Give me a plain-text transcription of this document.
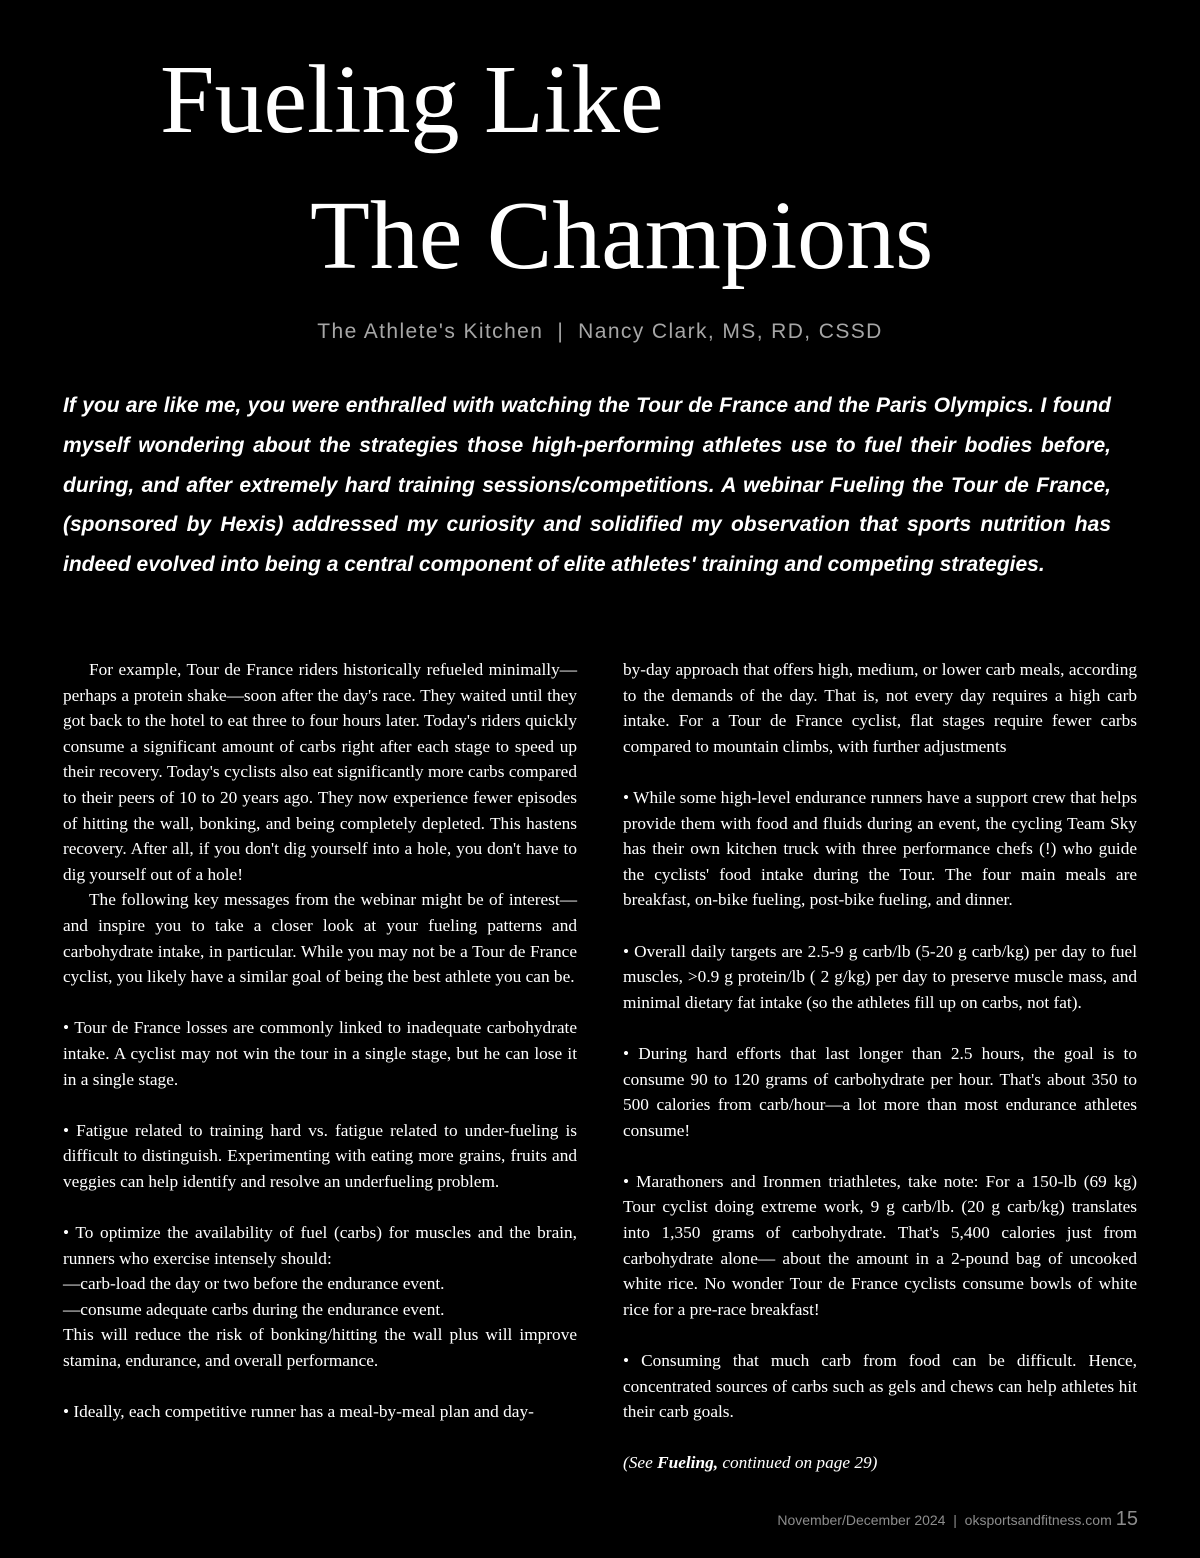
Fueling Like
The Champions
The Athlete's Kitchen | Nancy Clark, MS, RD, CSSD

If you are like me, you were enthralled with watching the Tour de France and the Paris Olympics. I found myself wondering about the strategies those high-performing athletes use to fuel their bodies before, during, and after extremely hard training sessions/competitions. A webinar Fueling the Tour de France, (sponsored by Hexis) addressed my curiosity and solidified my observation that sports nutrition has indeed evolved into being a central component of elite athletes' training and competing strategies.

For example, Tour de France riders historically refueled minimally—perhaps a protein shake—soon after the day's race. They waited until they got back to the hotel to eat three to four hours later. Today's riders quickly consume a significant amount of carbs right after each stage to speed up their recovery. Today's cyclists also eat significantly more carbs compared to their peers of 10 to 20 years ago. They now experience fewer episodes of hitting the wall, bonking, and being completely depleted. This hastens recovery. After all, if you don't dig yourself into a hole, you don't have to dig yourself out of a hole!

The following key messages from the webinar might be of interest—and inspire you to take a closer look at your fueling patterns and carbohydrate intake, in particular. While you may not be a Tour de France cyclist, you likely have a similar goal of being the best athlete you can be.

• Tour de France losses are commonly linked to inadequate carbohydrate intake. A cyclist may not win the tour in a single stage, but he can lose it in a single stage.

• Fatigue related to training hard vs. fatigue related to under-fueling is difficult to distinguish. Experimenting with eating more grains, fruits and veggies can help identify and resolve an underfueling problem.

• To optimize the availability of fuel (carbs) for muscles and the brain, runners who exercise intensely should:

—carb-load the day or two before the endurance event.

—consume adequate carbs during the endurance event.

This will reduce the risk of bonking/hitting the wall plus will improve stamina, endurance, and overall performance.

• Ideally, each competitive runner has a meal-by-meal plan and day-

by-day approach that offers high, medium, or lower carb meals, according to the demands of the day. That is, not every day requires a high carb intake. For a Tour de France cyclist, flat stages require fewer carbs compared to mountain climbs, with further adjustments

• While some high-level endurance runners have a support crew that helps provide them with food and fluids during an event, the cycling Team Sky has their own kitchen truck with three performance chefs (!) who guide the cyclists' food intake during the Tour. The four main meals are breakfast, on-bike fueling, post-bike fueling, and dinner.

• Overall daily targets are 2.5-9 g carb/lb (5-20 g carb/kg) per day to fuel muscles, >0.9 g protein/lb ( 2 g/kg) per day to preserve muscle mass, and minimal dietary fat intake (so the athletes fill up on carbs, not fat).

• During hard efforts that last longer than 2.5 hours, the goal is to consume 90 to 120 grams of carbohydrate per hour. That's about 350 to 500 calories from carb/hour—a lot more than most endurance athletes consume!

• Marathoners and Ironmen triathletes, take note: For a 150-lb (69 kg) Tour cyclist doing extreme work, 9 g carb/lb. (20 g carb/kg) translates into 1,350 grams of carbohydrate. That's 5,400 calories just from carbohydrate alone— about the amount in a 2-pound bag of uncooked white rice. No wonder Tour de France cyclists consume bowls of white rice for a pre-race breakfast!

• Consuming that much carb from food can be difficult. Hence, concentrated sources of carbs such as gels and chews can help athletes hit their carb goals.

(See Fueling, continued on page 29)

November/December 2024 | oksportsandfitness.com 15
